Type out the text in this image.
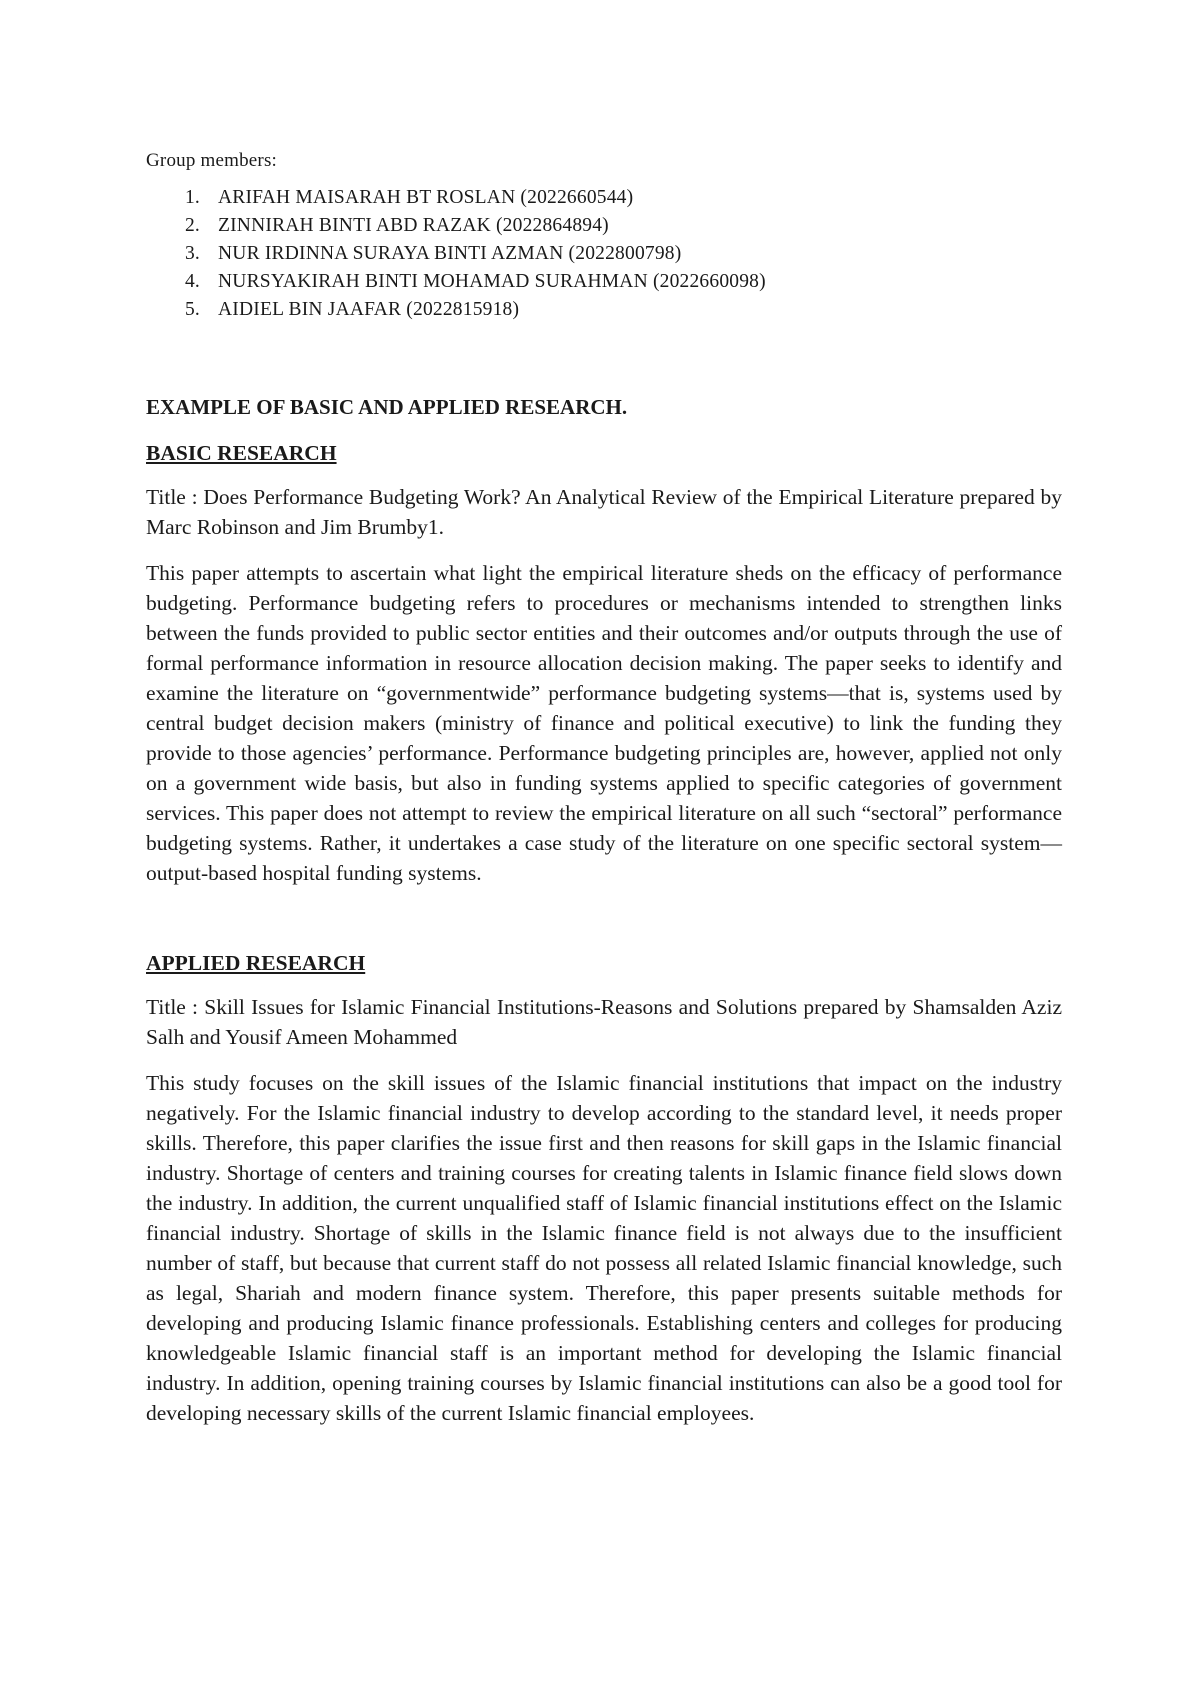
Group members:

1. ARIFAH MAISARAH BT ROSLAN (2022660544)
2. ZINNIRAH BINTI ABD RAZAK (2022864894)
3. NUR IRDINNA SURAYA BINTI AZMAN (2022800798)
4. NURSYAKIRAH BINTI MOHAMAD SURAHMAN (2022660098)
5. AIDIEL BIN JAAFAR (2022815918)

EXAMPLE OF BASIC AND APPLIED RESEARCH.

BASIC RESEARCH

Title : Does Performance Budgeting Work? An Analytical Review of the Empirical Literature prepared by Marc Robinson and Jim Brumby1.

This paper attempts to ascertain what light the empirical literature sheds on the efficacy of performance budgeting. Performance budgeting refers to procedures or mechanisms intended to strengthen links between the funds provided to public sector entities and their outcomes and/or outputs through the use of formal performance information in resource allocation decision making. The paper seeks to identify and examine the literature on “governmentwide” performance budgeting systems—that is, systems used by central budget decision makers (ministry of finance and political executive) to link the funding they provide to those agencies’ performance. Performance budgeting principles are, however, applied not only on a government wide basis, but also in funding systems applied to specific categories of government services. This paper does not attempt to review the empirical literature on all such “sectoral” performance budgeting systems. Rather, it undertakes a case study of the literature on one specific sectoral system—output-based hospital funding systems.

APPLIED RESEARCH

Title : Skill Issues for Islamic Financial Institutions-Reasons and Solutions prepared by Shamsalden Aziz Salh and Yousif Ameen Mohammed

This study focuses on the skill issues of the Islamic financial institutions that impact on the industry negatively. For the Islamic financial industry to develop according to the standard level, it needs proper skills. Therefore, this paper clarifies the issue first and then reasons for skill gaps in the Islamic financial industry. Shortage of centers and training courses for creating talents in Islamic finance field slows down the industry. In addition, the current unqualified staff of Islamic financial institutions effect on the Islamic financial industry. Shortage of skills in the Islamic finance field is not always due to the insufficient number of staff, but because that current staff do not possess all related Islamic financial knowledge, such as legal, Shariah and modern finance system. Therefore, this paper presents suitable methods for developing and producing Islamic finance professionals. Establishing centers and colleges for producing knowledgeable Islamic financial staff is an important method for developing the Islamic financial industry. In addition, opening training courses by Islamic financial institutions can also be a good tool for developing necessary skills of the current Islamic financial employees.
